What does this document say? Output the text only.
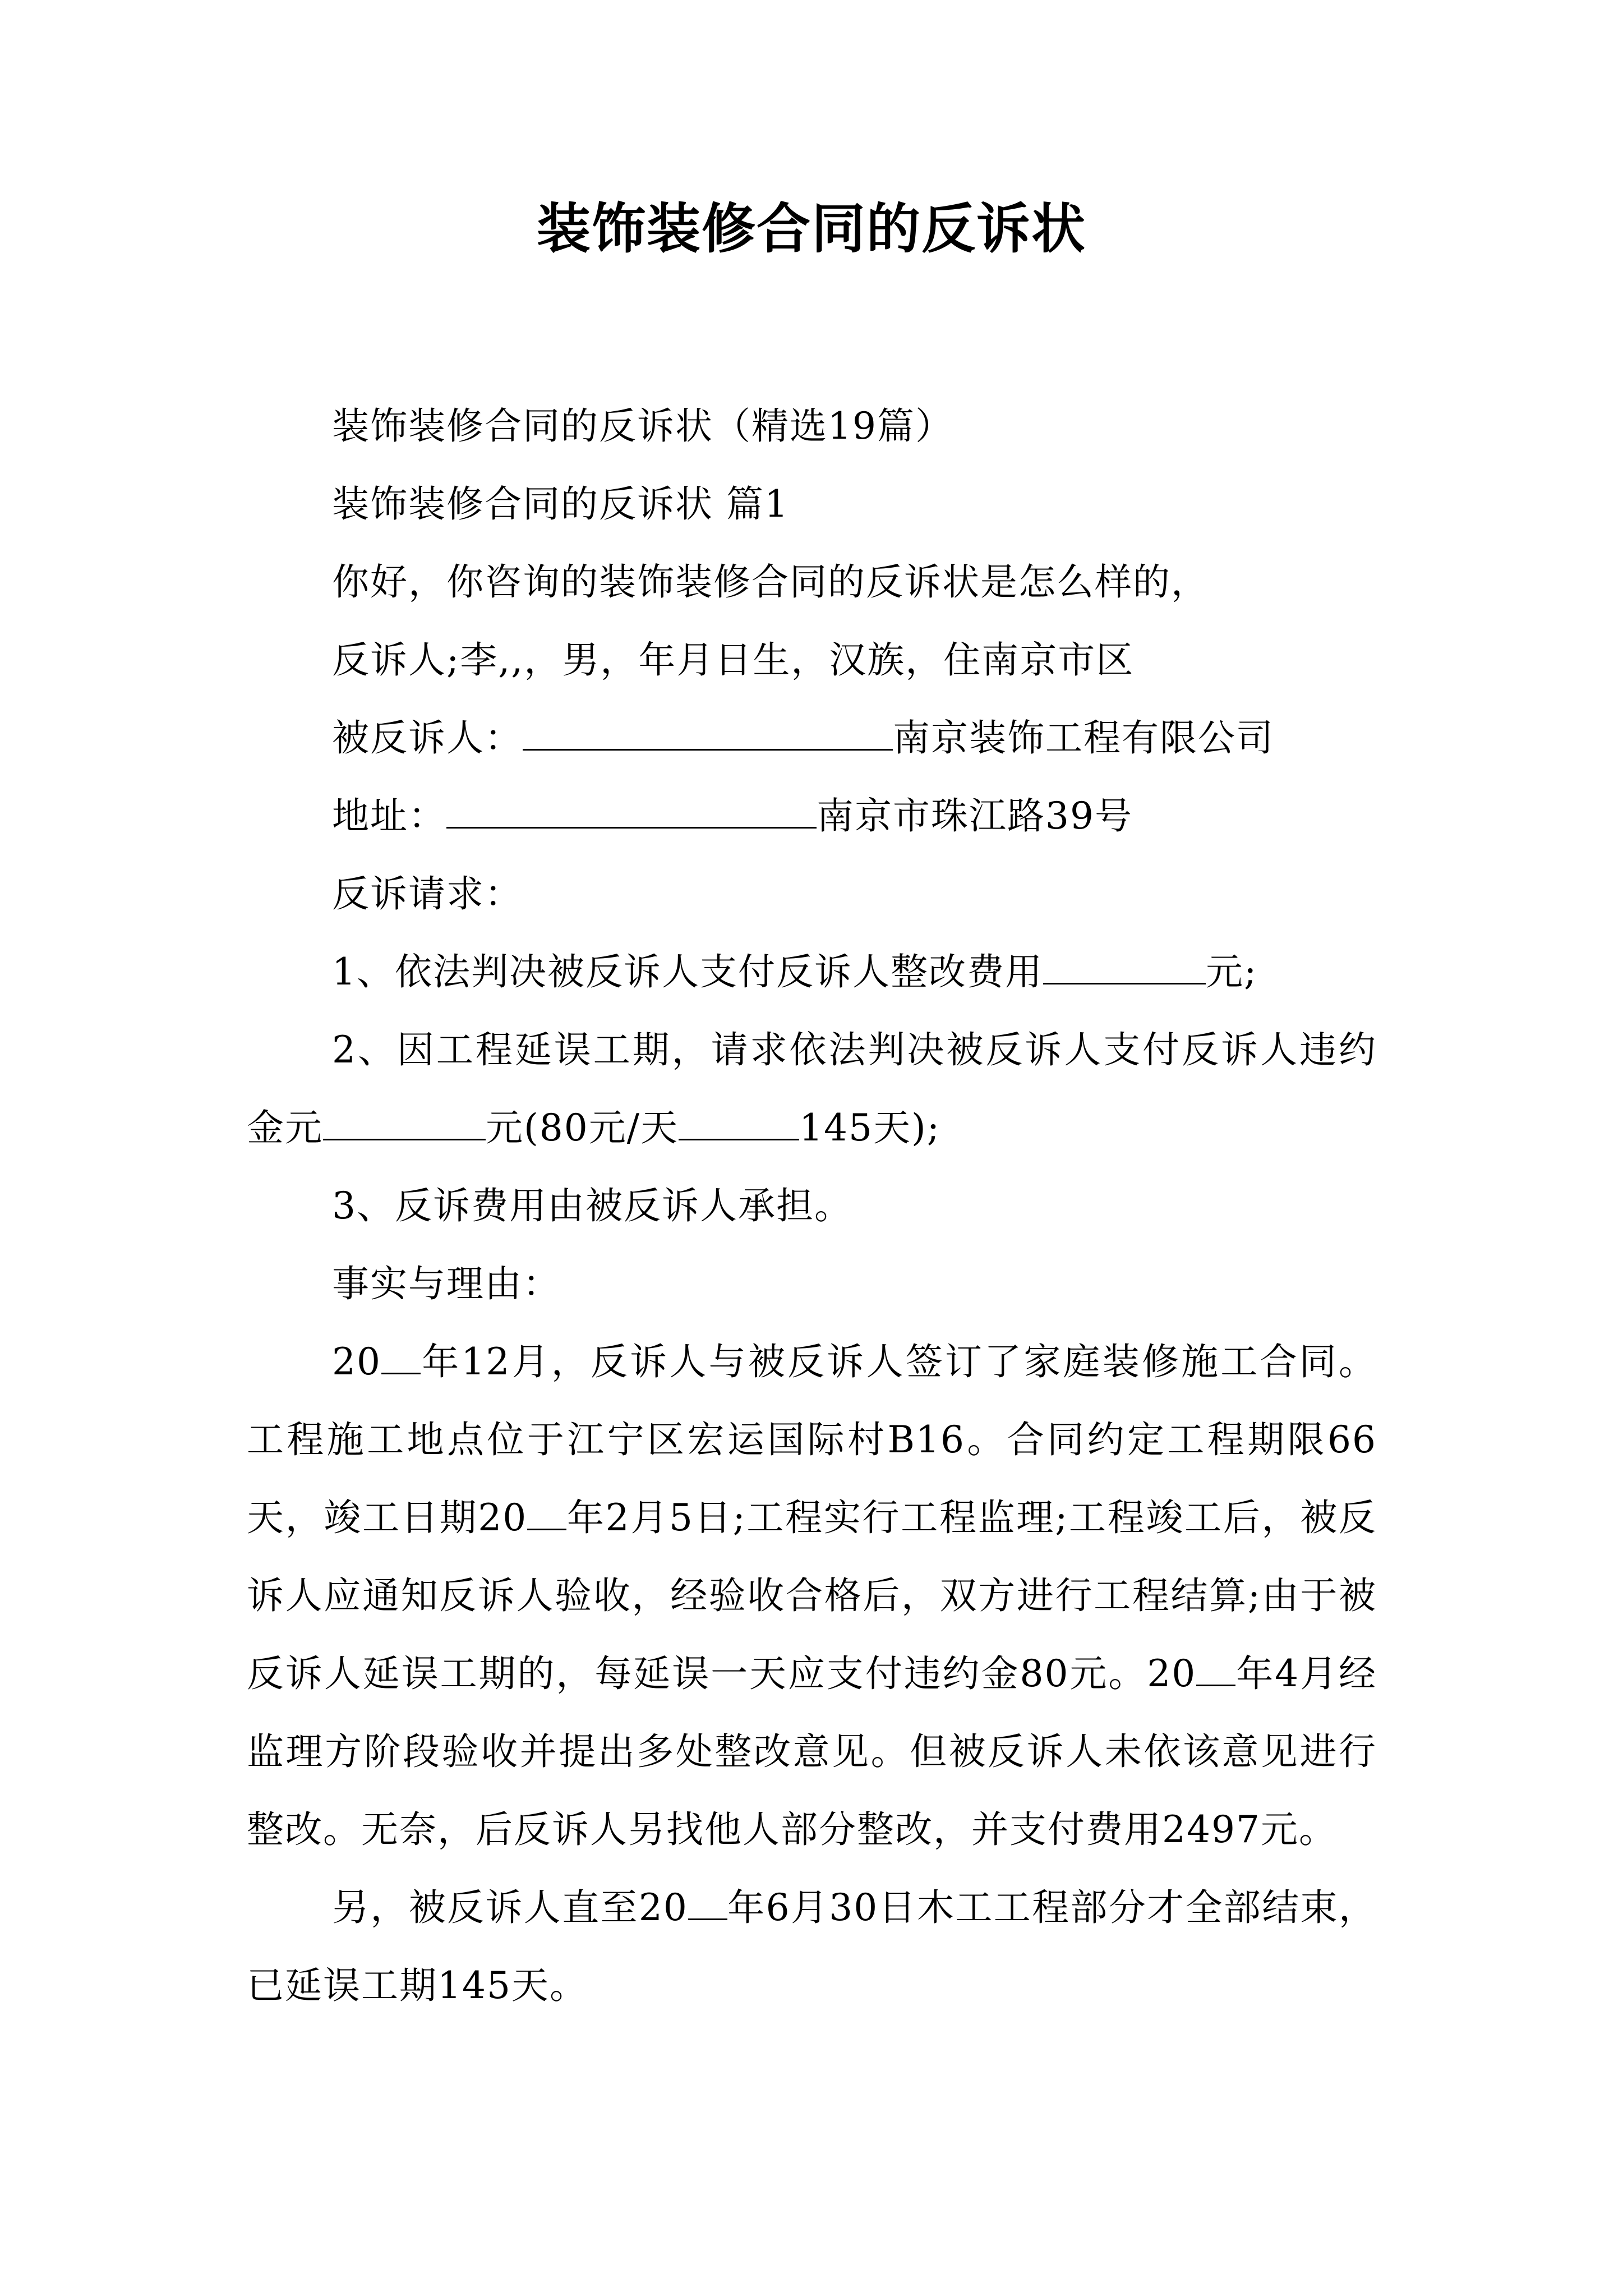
装饰装修合同的反诉状

装饰装修合同的反诉状（精选19篇）

装饰装修合同的反诉状 篇1

你好，你咨询的装饰装修合同的反诉状是怎么样的，

反诉人;李,,，男，年月日生，汉族，住南京市区

被反诉人：	南京装饰工程有限公司

地址：	南京市珠江路39号

反诉请求：

1、依法判决被反诉人支付反诉人整改费用	元;

2、因工程延误工期，请求依法判决被反诉人支付反诉人违约金元	元(80元/天	145天);

3、反诉费用由被反诉人承担。

事实与理由：

20 年12月，反诉人与被反诉人签订了家庭装修施工合同。工程施工地点位于江宁区宏运国际村B16。合同约定工程期限66天，竣工日期20 年2月5日;工程实行工程监理;工程竣工后，被反诉人应通知反诉人验收，经验收合格后，双方进行工程结算;由于被反诉人延误工期的，每延误一天应支付违约金80元。20 年4月经监理方阶段验收并提出多处整改意见。但被反诉人未依该意见进行整改。无奈，后反诉人另找他人部分整改，并支付费用2497元。

另，被反诉人直至20 年6月30日木工工程部分才全部结束，已延误工期145天。
